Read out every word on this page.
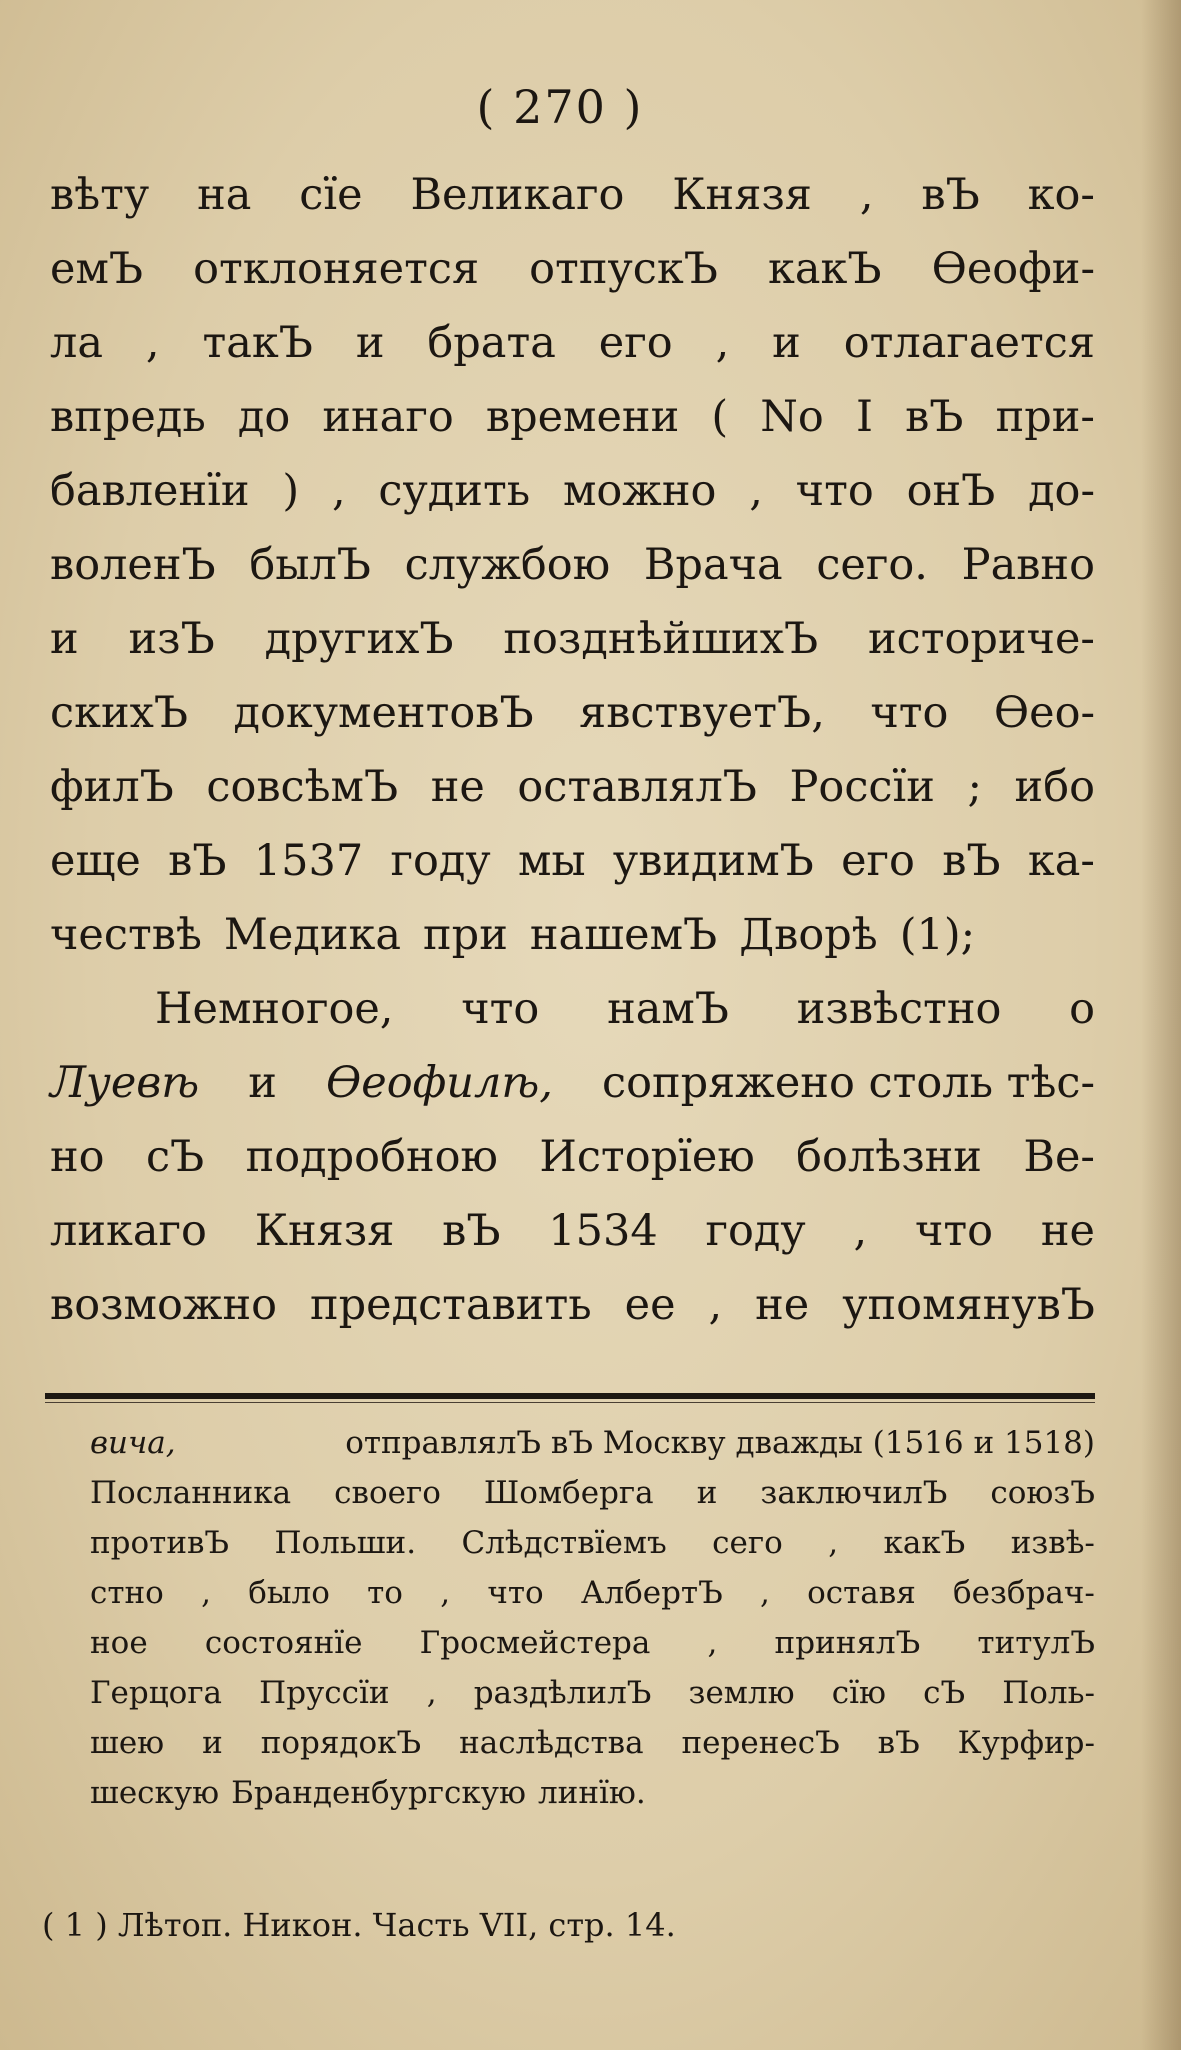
( 270 )
вѣту на сїе Великаго Князя , вЪ ко-
емЪ отклоняется отпускЪ какЪ Ѳеофи-
ла , такЪ и брата его , и отлагается
впредь до инаго времени ( No I вЪ при-
бавленїи ) , судить можно , что онЪ до-
воленЪ былЪ службою Врача сего. Равно
и изЪ другихЪ позднѣйшихЪ историче-
скихЪ документовЪ явствуетЪ, что Ѳео-
филЪ совсѣмЪ не оставлялЪ Россїи ; ибо
еще вЪ 1537 году мы увидимЪ его вЪ ка-
чествѣ Медика при нашемЪ Дворѣ (1);
Немногое, что намЪ извѣстно о
Луевѣ и Ѳеофилѣ, сопряжено столь тѣс-
но сЪ подробною Исторїею болѣзни Ве-
ликаго Князя вЪ 1534 году , что не
возможно представить ее , не упомянувЪ
вича,	отправлялЪ вЪ Москву дважды (1516 и 1518)
Посланника своего Шомберга и заключилЪ союзЪ
противЪ Польши. Слѣдствїемъ сего , какЪ извѣ-
стно , было то , что АлбертЪ , оставя безбрач-
ное состоянїе Гросмейстера , принялЪ титулЪ
Герцога Пруссїи , раздѣлилЪ землю сїю сЪ Поль-
шею и порядокЪ наслѣдства перенесЪ вЪ Курфир-
шескую Бранденбургскую линїю.
( 1 ) Лѣтоп. Никон. Часть VII, стр. 14.
